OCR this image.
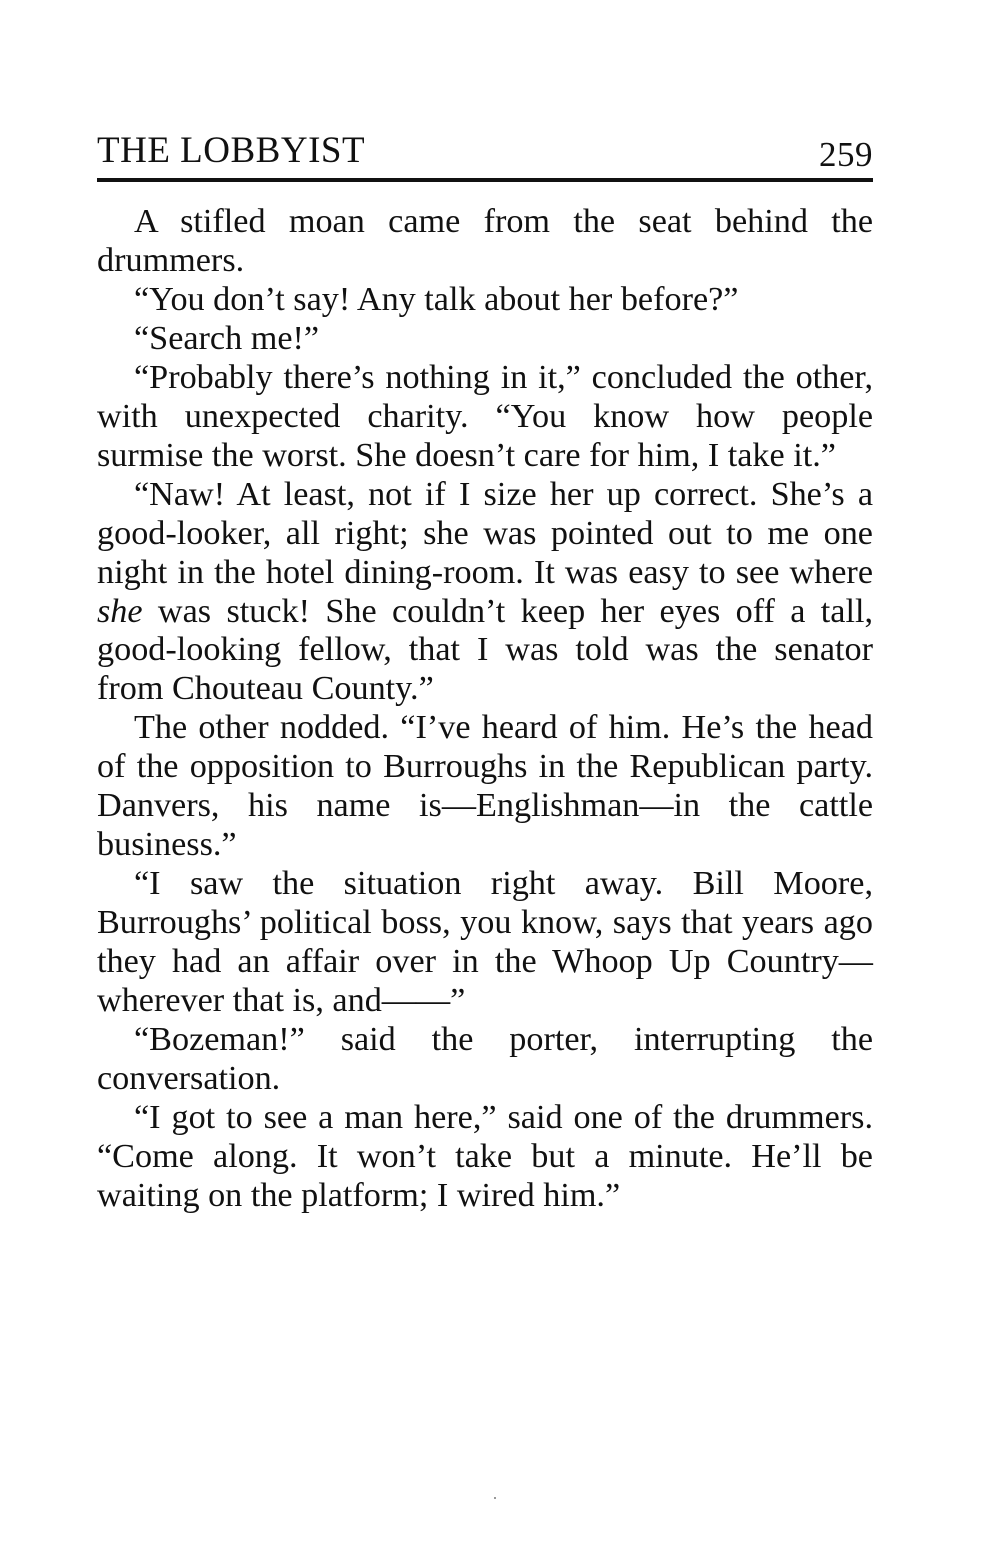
THE LOBBYIST	259

A stifled moan came from the seat behind the drummers.

“You don’t say! Any talk about her before?”

“Search me!”

“Probably there’s nothing in it,” concluded the other, with unexpected charity. “You know how people surmise the worst. She doesn’t care for him, I take it.”

“Naw! At least, not if I size her up correct. She’s a good-looker, all right; she was pointed out to me one night in the hotel dining-room. It was easy to see where she was stuck! She couldn’t keep her eyes off a tall, good-looking fellow, that I was told was the senator from Chouteau County.”

The other nodded. “I’ve heard of him. He’s the head of the opposition to Burroughs in the Republican party. Danvers, his name is—Englishman—in the cattle business.”

“I saw the situation right away. Bill Moore, Burroughs’ political boss, you know, says that years ago they had an affair over in the Whoop Up Country—wherever that is, and——”

“Bozeman!” said the porter, interrupting the conversation.

“I got to see a man here,” said one of the drummers. “Come along. It won’t take but a minute. He’ll be waiting on the platform; I wired him.”
